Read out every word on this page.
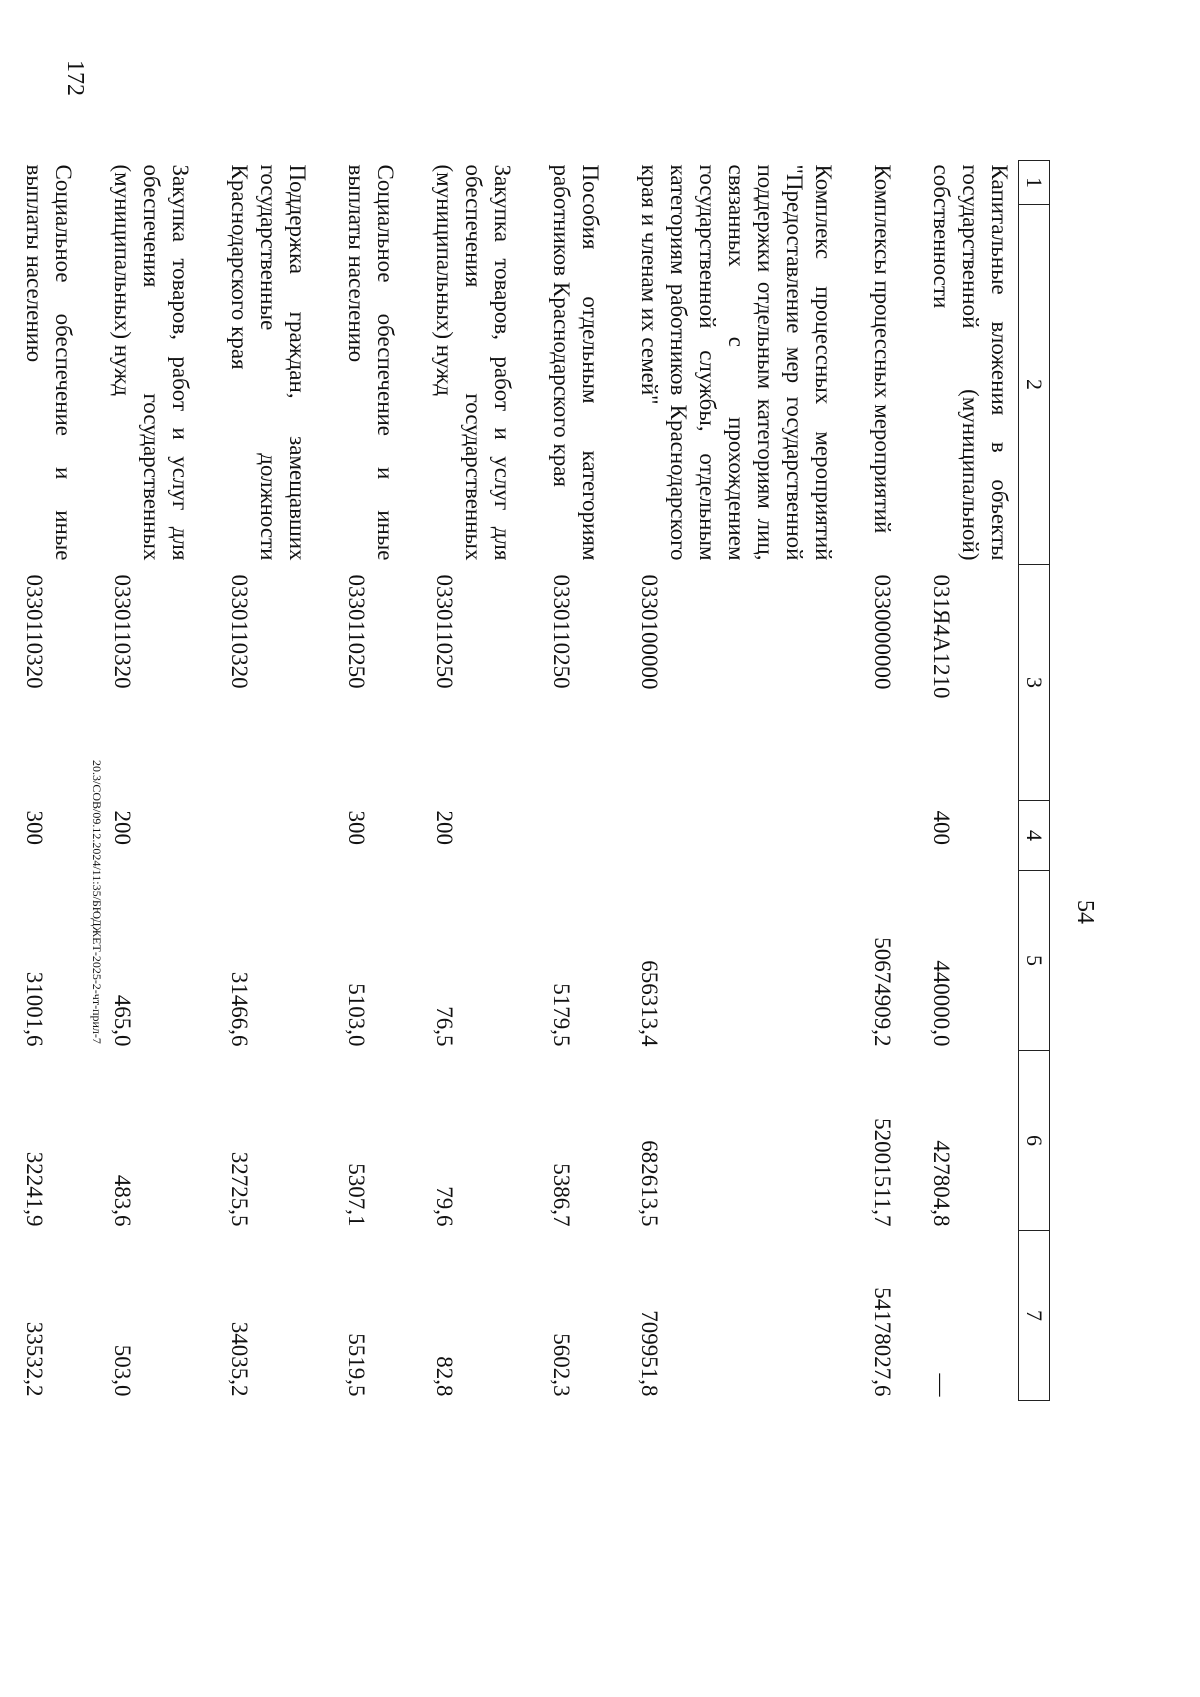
172
54
1	2	3	4	5	6	7
Капитальные вложения в объекты государственной (муниципальной) собственности		031Я4А1210	400	440000,0	427804,8	—
Комплексы процессных мероприятий		0330000000		50674909,2	52001511,7	54178027,6
Комплекс процессных мероприятий "Предоставление мер государственной поддержки отдельным категориям лиц, связанных с прохождением государственной службы, отдельным категориям работников Краснодарского края и членам их семей"		0330100000		656313,4	682613,5	709951,8
Пособия отдельным категориям работников Краснодарского края		0330110250		5179,5	5386,7	5602,3
Закупка товаров, работ и услуг для обеспечения государственных (муниципальных) нужд		0330110250	200	76,5	79,6	82,8
Социальное обеспечение и иные выплаты населению		0330110250	300	5103,0	5307,1	5519,5
Поддержка граждан, замещавших государственные должности Краснодарского края		0330110320		31466,6	32725,5	34035,2
Закупка товаров, работ и услуг для обеспечения государственных (муниципальных) нужд		0330110320	200	465,0	483,6	503,0
Социальное обеспечение и иные выплаты населению		0330110320	300	31001,6	32241,9	33532,2
20.3/СОВ/09.12.2024/11:35/БЮДЖЕТ-2025-2-чт-прил-7
